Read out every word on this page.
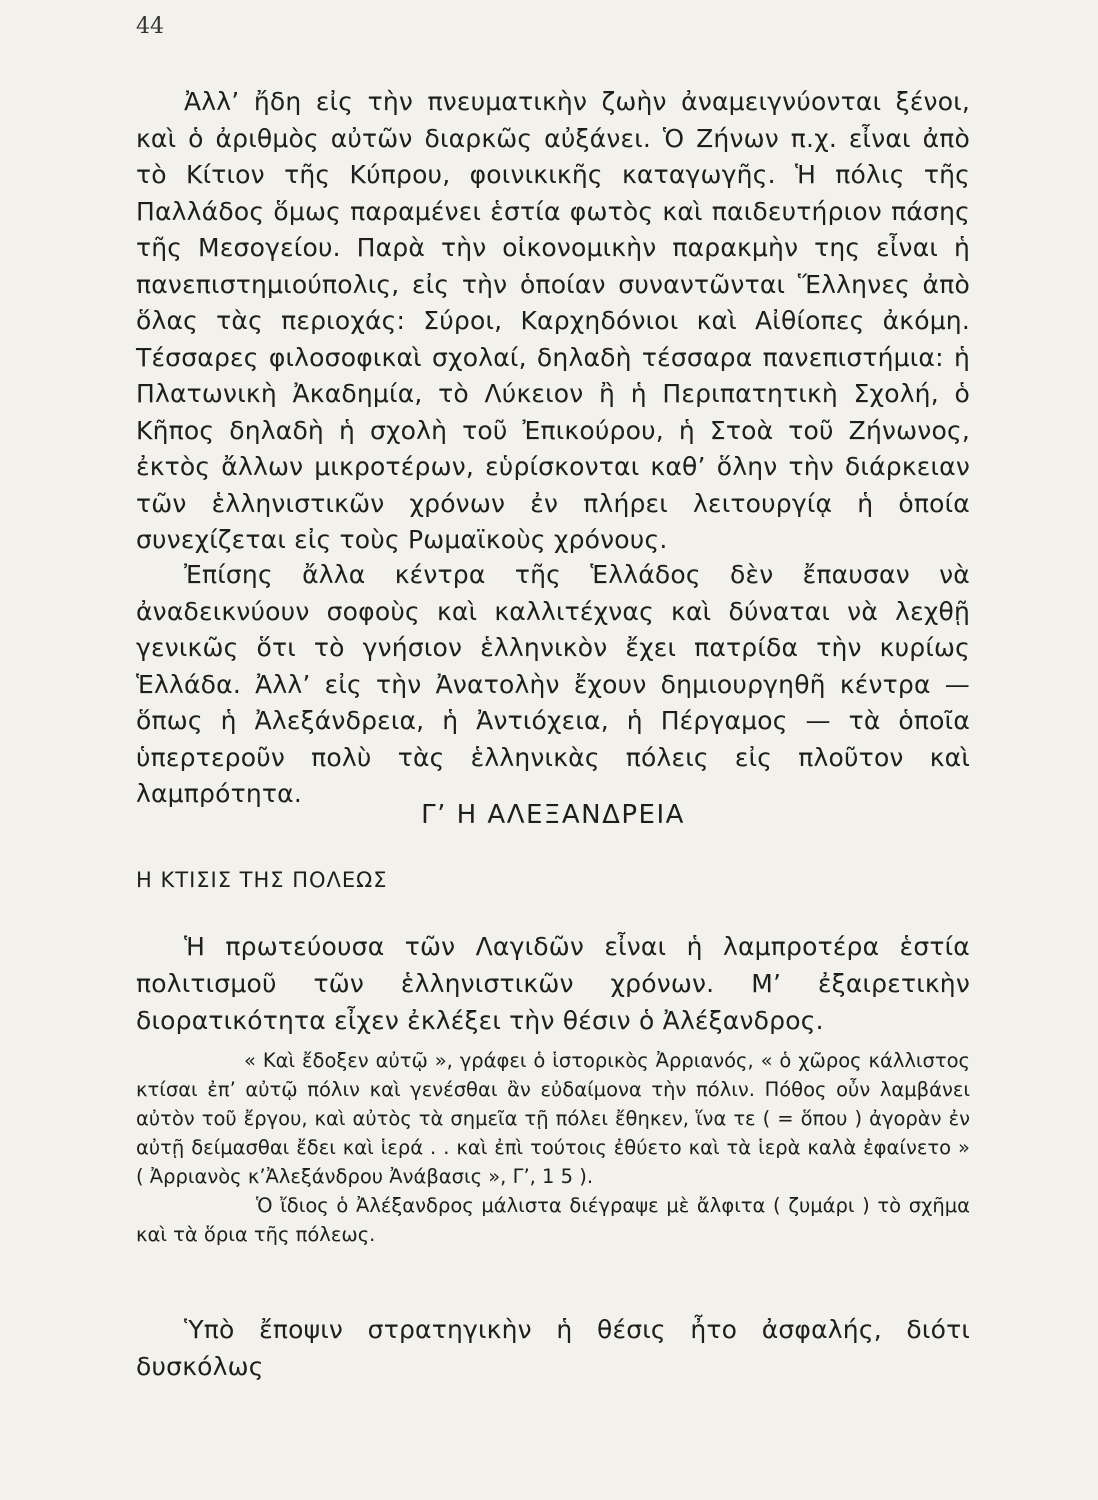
44

Ἀλλ’ ἤδη εἰς τὴν πνευματικὴν ζωὴν ἀναμειγνύονται ξένοι, καὶ ὁ ἀριθμὸς αὐτῶν διαρκῶς αὐξάνει. Ὁ Ζήνων π.χ. εἶναι ἀπὸ τὸ Κίτιον τῆς Κύπρου, φοινικικῆς καταγωγῆς. Ἡ πόλις τῆς Παλλάδος ὅμως παραμένει ἑστία φωτὸς καὶ παιδευτήριον πάσης τῆς Μεσογείου. Παρὰ τὴν οἰκονομικὴν παρακμὴν της εἶναι ἡ πανεπιστημιούπολις, εἰς τὴν ὁποίαν συναντῶνται Ἕλληνες ἀπὸ ὅλας τὰς περιοχάς: Σύροι, Καρχηδόνιοι καὶ Αἰθίοπες ἀκόμη. Τέσσαρες φιλοσοφικαὶ σχολαί, δηλαδὴ τέσσαρα πανεπιστήμια: ἡ Πλατωνικὴ Ἀκαδημία, τὸ Λύκειον ἢ ἡ Περιπατητικὴ Σχολή, ὁ Κῆπος δηλαδὴ ἡ σχολὴ τοῦ Ἐπικούρου, ἡ Στοὰ τοῦ Ζήνωνος, ἐκτὸς ἄλλων μικροτέρων, εὑρίσκονται καθ’ ὅλην τὴν διάρκειαν τῶν ἑλληνιστικῶν χρόνων ἐν πλήρει λειτουργίᾳ ἡ ὁποία συνεχίζεται εἰς τοὺς Ρωμαϊκοὺς χρόνους.

Ἐπίσης ἄλλα κέντρα τῆς Ἑλλάδος δὲν ἔπαυσαν νὰ ἀναδεικνύουν σοφοὺς καὶ καλλιτέχνας καὶ δύναται νὰ λεχθῇ γενικῶς ὅτι τὸ γνήσιον ἑλληνικὸν ἔχει πατρίδα τὴν κυρίως Ἑλλάδα. Ἀλλ’ εἰς τὴν Ἀνατολὴν ἔχουν δημιουργηθῆ κέντρα — ὅπως ἡ Ἀλεξάνδρεια, ἡ Ἀντιόχεια, ἡ Πέργαμος — τὰ ὁποῖα ὑπερτεροῦν πολὺ τὰς ἑλληνικὰς πόλεις εἰς πλοῦτον καὶ λαμπρότητα.

Γ’ Η ΑΛΕΞΑΝΔΡΕΙΑ
Η ΚΤΙΣΙΣ ΤΗΣ ΠΟΛΕΩΣ

Ἡ πρωτεύουσα τῶν Λαγιδῶν εἶναι ἡ λαμπροτέρα ἑστία πολιτισμοῦ τῶν ἑλληνιστικῶν χρόνων. Μ’ ἐξαιρετικὴν διορατικότητα εἶχεν ἐκλέξει τὴν θέσιν ὁ Ἀλέξανδρος.

« Καὶ ἔδοξεν αὐτῷ », γράφει ὁ ἱστορικὸς Ἀρριανός, « ὁ χῶρος κάλλιστος κτίσαι ἐπ’ αὐτῷ πόλιν καὶ γενέσθαι ἂν εὐδαίμονα τὴν πόλιν. Πόθος οὖν λαμβάνει αὐτὸν τοῦ ἔργου, καὶ αὐτὸς τὰ σημεῖα τῇ πόλει ἔθηκεν, ἵνα τε ( = ὅπου ) ἀγορὰν ἐν αὐτῇ δείμασθαι ἔδει καὶ ἱερά . . καὶ ἐπὶ τούτοις ἐθύετο καὶ τὰ ἱερὰ καλὰ ἐφαίνετο » ( Ἀρριανὸς κ’Ἀλεξάνδρου Ἀνάβασις », Γ’, 1 5 ).

Ὁ ἴδιος ὁ Ἀλέξανδρος μάλιστα διέγραψε μὲ ἄλφιτα ( ζυμάρι ) τὸ σχῆμα καὶ τὰ ὅρια τῆς πόλεως.

Ὑπὸ ἔποψιν στρατηγικὴν ἡ θέσις ἦτο ἀσφαλής, διότι δυσκόλως
